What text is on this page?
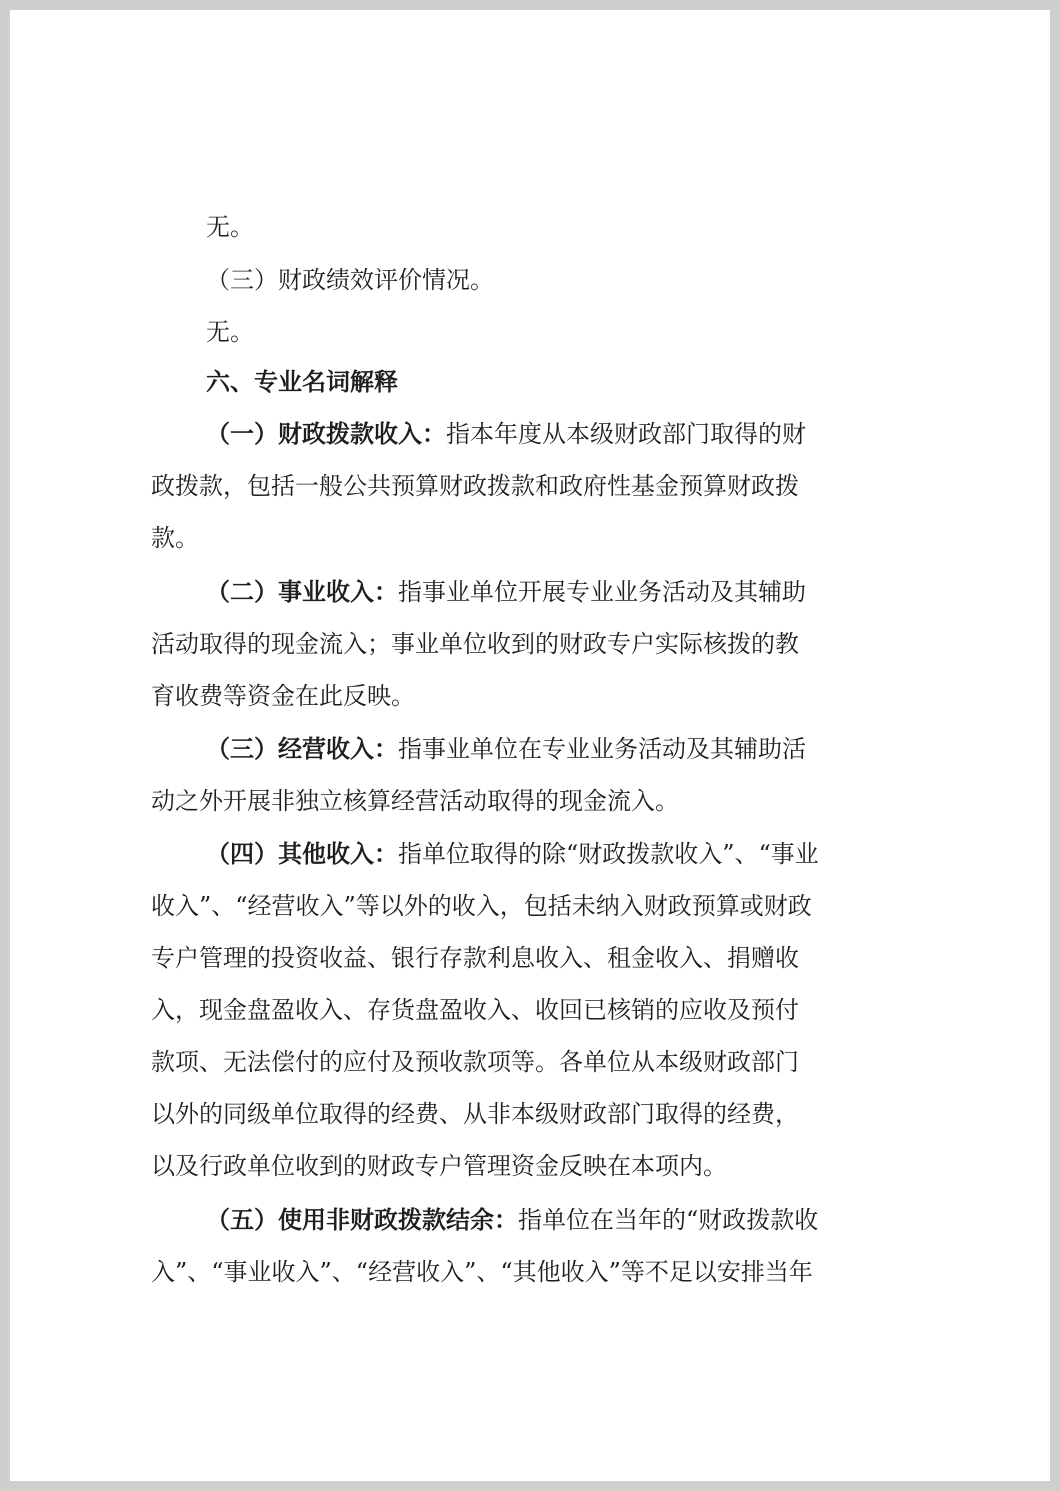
无。
（三）财政绩效评价情况。
无。
六、专业名词解释
（一）财政拨款收入：指本年度从本级财政部门取得的财
政拨款，包括一般公共预算财政拨款和政府性基金预算财政拨
款。
（二）事业收入：指事业单位开展专业业务活动及其辅助
活动取得的现金流入；事业单位收到的财政专户实际核拨的教
育收费等资金在此反映。
（三）经营收入：指事业单位在专业业务活动及其辅助活
动之外开展非独立核算经营活动取得的现金流入。
（四）其他收入：指单位取得的除“财政拨款收入”、“事业
收入”、“经营收入”等以外的收入，包括未纳入财政预算或财政
专户管理的投资收益、银行存款利息收入、租金收入、捐赠收
入，现金盘盈收入、存货盘盈收入、收回已核销的应收及预付
款项、无法偿付的应付及预收款项等。各单位从本级财政部门
以外的同级单位取得的经费、从非本级财政部门取得的经费，
以及行政单位收到的财政专户管理资金反映在本项内。
（五）使用非财政拨款结余：指单位在当年的“财政拨款收
入”、“事业收入”、“经营收入”、“其他收入”等不足以安排当年
